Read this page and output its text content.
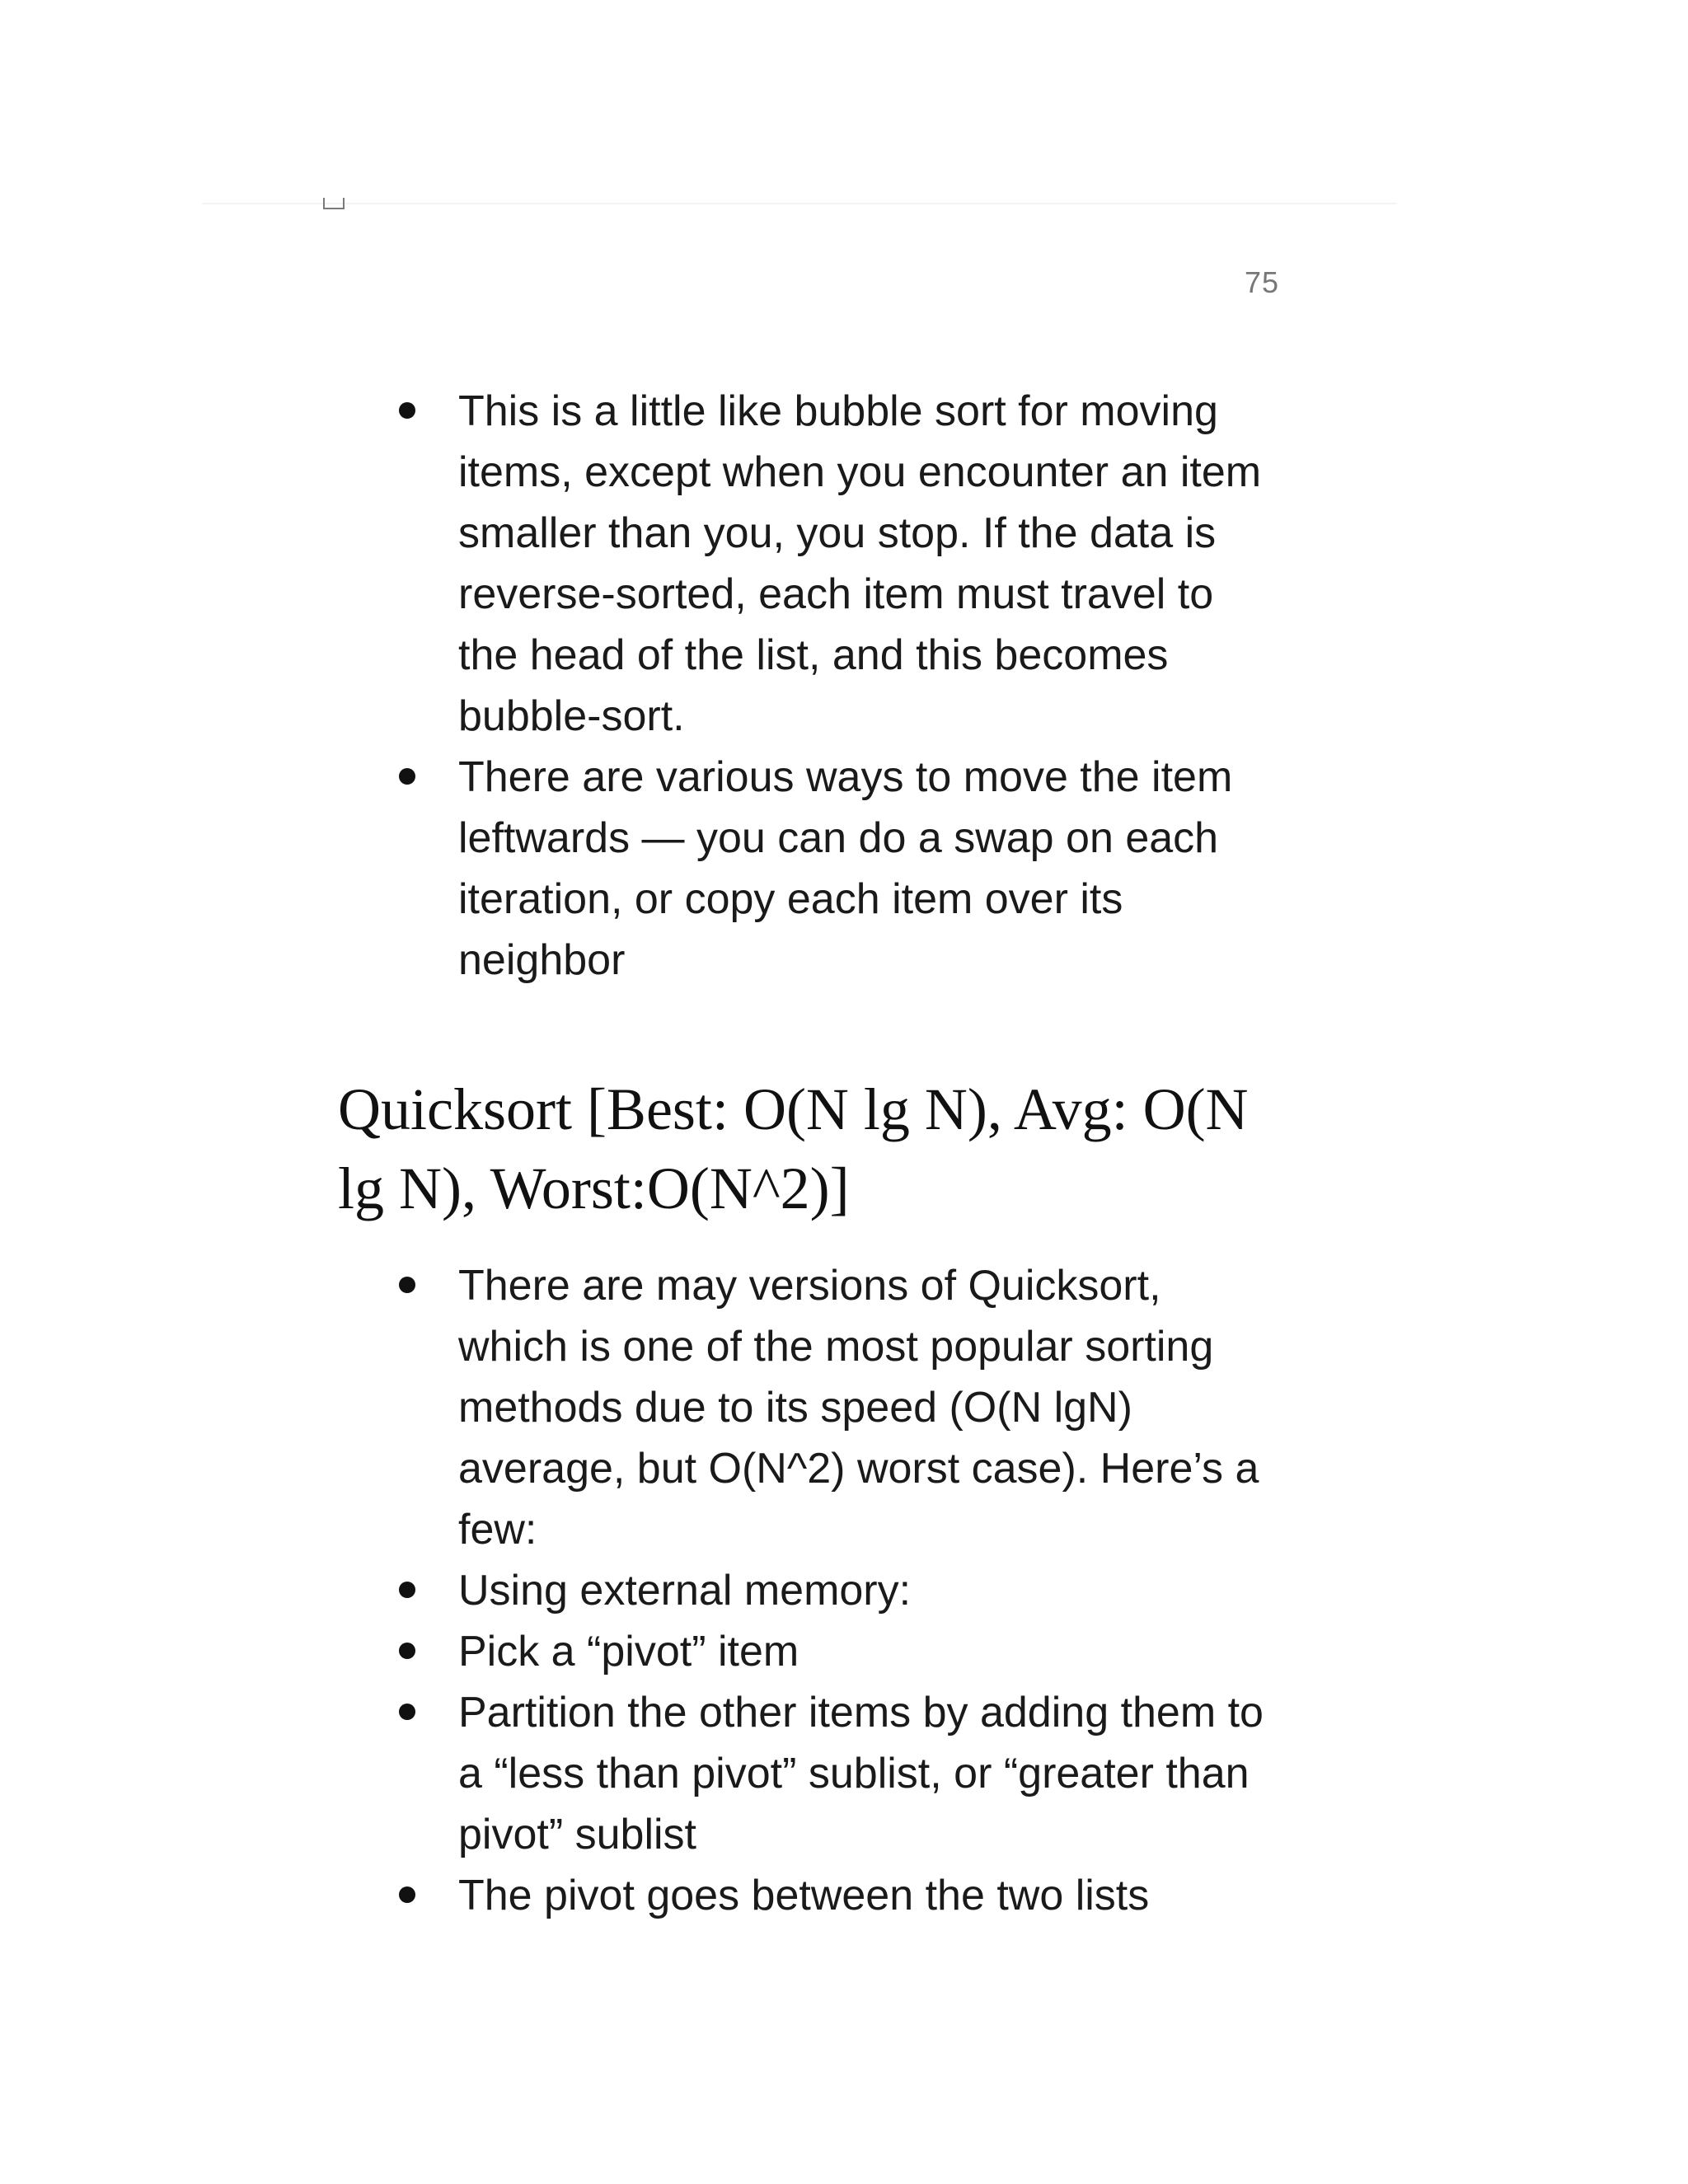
75
This is a little like bubble sort for moving items, except when you encounter an item smaller than you, you stop. If the data is reverse-sorted, each item must travel to the head of the list, and this becomes bubble-sort.
There are various ways to move the item leftwards — you can do a swap on each iteration, or copy each item over its neighbor
Quicksort [Best: O(N lg N), Avg: O(N lg N), Worst:O(N^2)]
There are may versions of Quicksort, which is one of the most popular sorting methods due to its speed (O(N lgN) average, but O(N^2) worst case). Here’s a few:
Using external memory:
Pick a “pivot” item
Partition the other items by adding them to a “less than pivot” sublist, or “greater than pivot” sublist
The pivot goes between the two lists
